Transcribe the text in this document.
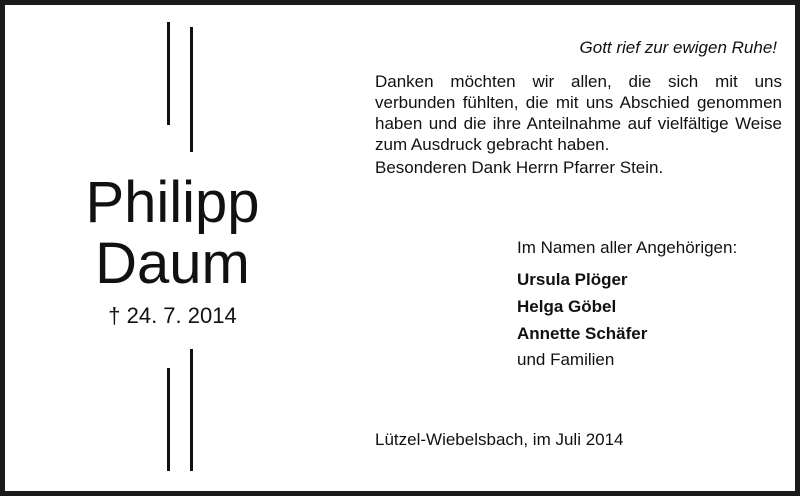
Philipp
Daum
† 24. 7. 2014
Gott rief zur ewigen Ruhe!
Danken möchten wir allen, die sich mit uns verbunden fühlten, die mit uns Abschied genommen haben und die ihre Anteilnahme auf vielfältige Weise zum Ausdruck gebracht haben.
Besonderen Dank Herrn Pfarrer Stein.
Im Namen aller Angehörigen:
Ursula Plöger
Helga Göbel
Annette Schäfer
und Familien
Lützel-Wiebelsbach, im Juli 2014
